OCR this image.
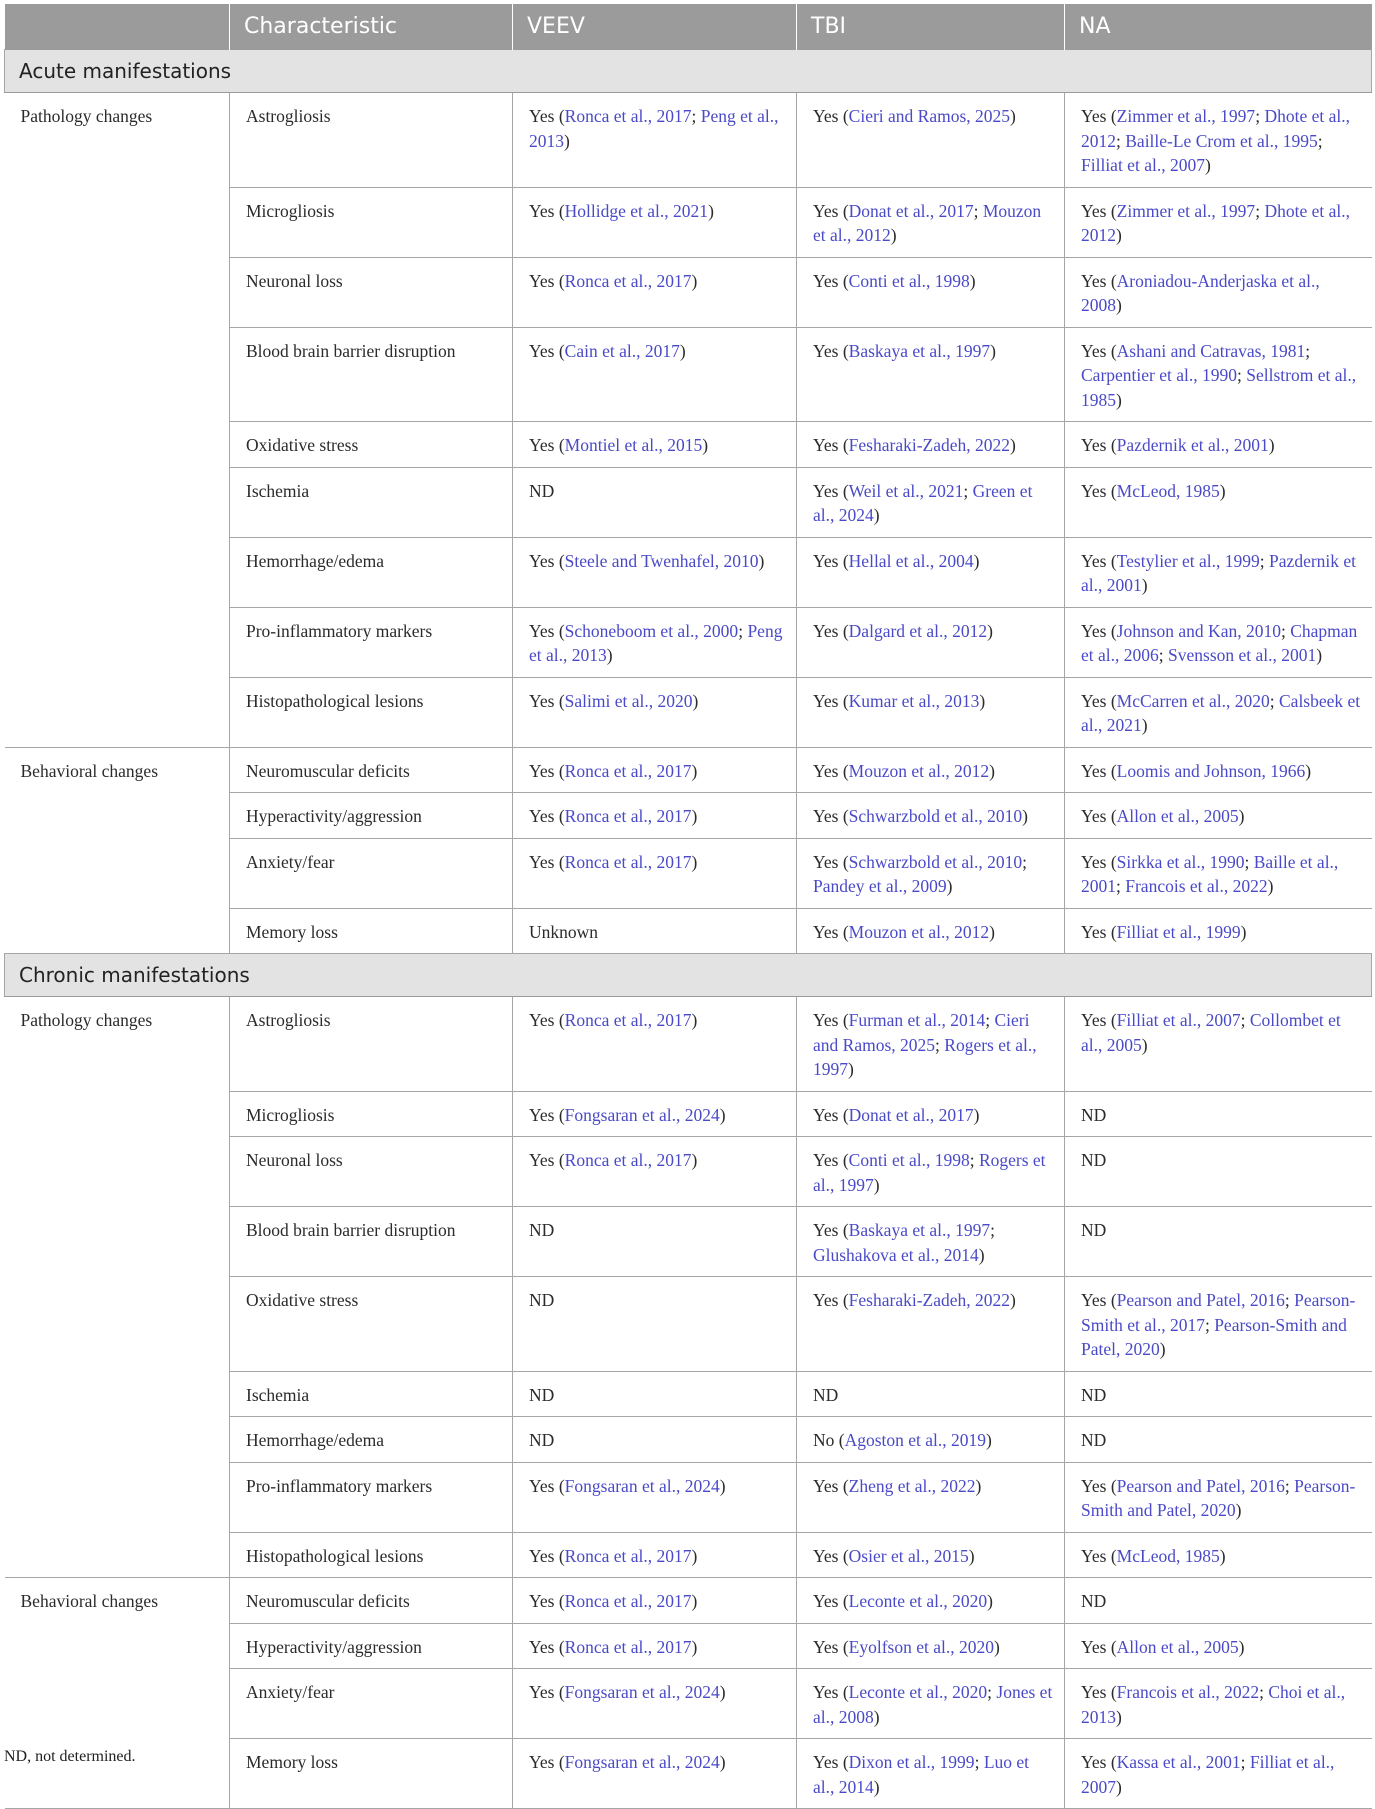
	Characteristic	VEEV	TBI	NA
Acute manifestations				
Pathology changes	Astrogliosis	Yes (Ronca et al., 2017; Peng et al., 2013)	Yes (Cieri and Ramos, 2025)	Yes (Zimmer et al., 1997; Dhote et al., 2012; Baille-Le Crom et al., 1995; Filliat et al., 2007)
	Microgliosis	Yes (Hollidge et al., 2021)	Yes (Donat et al., 2017; Mouzon et al., 2012)	Yes (Zimmer et al., 1997; Dhote et al., 2012)
	Neuronal loss	Yes (Ronca et al., 2017)	Yes (Conti et al., 1998)	Yes (Aroniadou-Anderjaska et al., 2008)
	Blood brain barrier disruption	Yes (Cain et al., 2017)	Yes (Baskaya et al., 1997)	Yes (Ashani and Catravas, 1981; Carpentier et al., 1990; Sellstrom et al., 1985)
	Oxidative stress	Yes (Montiel et al., 2015)	Yes (Fesharaki-Zadeh, 2022)	Yes (Pazdernik et al., 2001)
	Ischemia	ND	Yes (Weil et al., 2021; Green et al., 2024)	Yes (McLeod, 1985)
	Hemorrhage/edema	Yes (Steele and Twenhafel, 2010)	Yes (Hellal et al., 2004)	Yes (Testylier et al., 1999; Pazdernik et al., 2001)
	Pro-inflammatory markers	Yes (Schoneboom et al., 2000; Peng et al., 2013)	Yes (Dalgard et al., 2012)	Yes (Johnson and Kan, 2010; Chapman et al., 2006; Svensson et al., 2001)
	Histopathological lesions	Yes (Salimi et al., 2020)	Yes (Kumar et al., 2013)	Yes (McCarren et al., 2020; Calsbeek et al., 2021)
Behavioral changes	Neuromuscular deficits	Yes (Ronca et al., 2017)	Yes (Mouzon et al., 2012)	Yes (Loomis and Johnson, 1966)
	Hyperactivity/aggression	Yes (Ronca et al., 2017)	Yes (Schwarzbold et al., 2010)	Yes (Allon et al., 2005)
	Anxiety/fear	Yes (Ronca et al., 2017)	Yes (Schwarzbold et al., 2010; Pandey et al., 2009)	Yes (Sirkka et al., 1990; Baille et al., 2001; Francois et al., 2022)
	Memory loss	Unknown	Yes (Mouzon et al., 2012)	Yes (Filliat et al., 1999)
Chronic manifestations				
Pathology changes	Astrogliosis	Yes (Ronca et al., 2017)	Yes (Furman et al., 2014; Cieri and Ramos, 2025; Rogers et al., 1997)	Yes (Filliat et al., 2007; Collombet et al., 2005)
	Microgliosis	Yes (Fongsaran et al., 2024)	Yes (Donat et al., 2017)	ND
	Neuronal loss	Yes (Ronca et al., 2017)	Yes (Conti et al., 1998; Rogers et al., 1997)	ND
	Blood brain barrier disruption	ND	Yes (Baskaya et al., 1997; Glushakova et al., 2014)	ND
	Oxidative stress	ND	Yes (Fesharaki-Zadeh, 2022)	Yes (Pearson and Patel, 2016; Pearson-Smith et al., 2017; Pearson-Smith and Patel, 2020)
	Ischemia	ND	ND	ND
	Hemorrhage/edema	ND	No (Agoston et al., 2019)	ND
	Pro-inflammatory markers	Yes (Fongsaran et al., 2024)	Yes (Zheng et al., 2022)	Yes (Pearson and Patel, 2016; Pearson-Smith and Patel, 2020)
	Histopathological lesions	Yes (Ronca et al., 2017)	Yes (Osier et al., 2015)	Yes (McLeod, 1985)
Behavioral changes	Neuromuscular deficits	Yes (Ronca et al., 2017)	Yes (Leconte et al., 2020)	ND
	Hyperactivity/aggression	Yes (Ronca et al., 2017)	Yes (Eyolfson et al., 2020)	Yes (Allon et al., 2005)
	Anxiety/fear	Yes (Fongsaran et al., 2024)	Yes (Leconte et al., 2020; Jones et al., 2008)	Yes (Francois et al., 2022; Choi et al., 2013)
	Memory loss	Yes (Fongsaran et al., 2024)	Yes (Dixon et al., 1999; Luo et al., 2014)	Yes (Kassa et al., 2001; Filliat et al., 2007)
ND, not determined.
